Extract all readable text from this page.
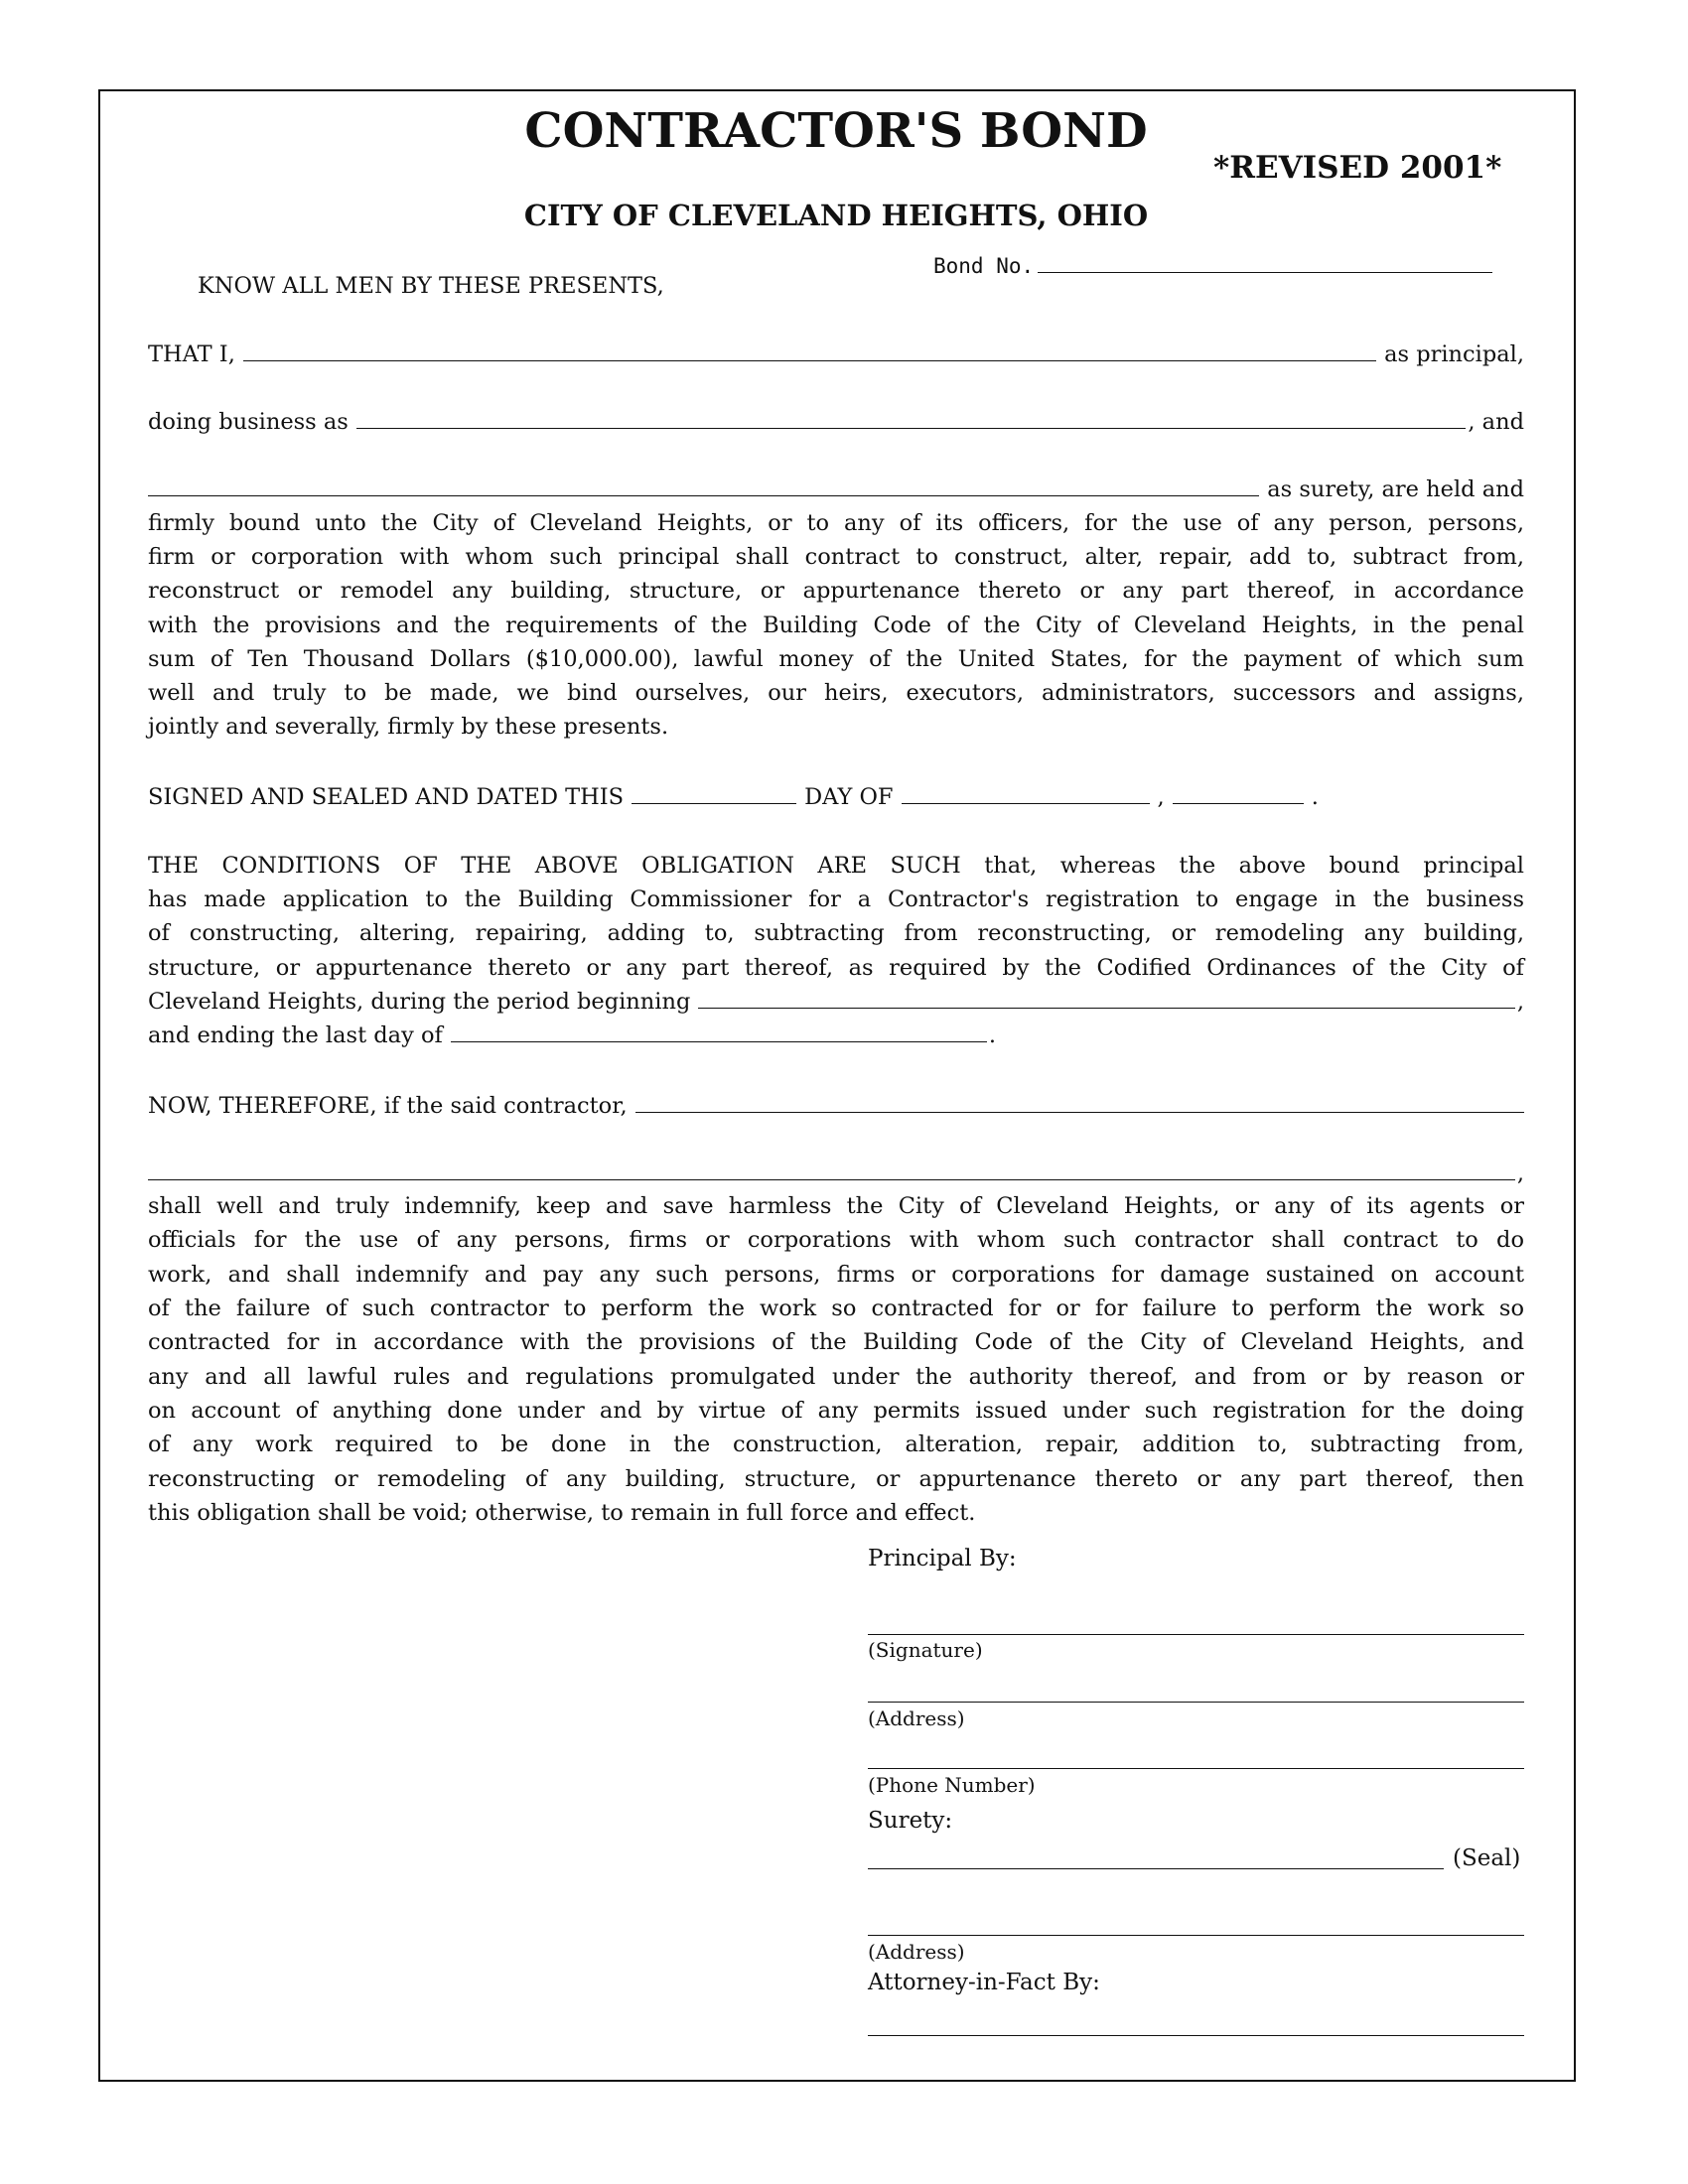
CONTRACTOR'S BOND
*REVISED 2001*
CITY OF CLEVELAND HEIGHTS, OHIO
Bond No.
KNOW ALL MEN BY THESE PRESENTS,
THAT I,	as principal,
doing business as	, and
as surety, are held and
firmly bound unto the City of Cleveland Heights, or to any of its officers, for the use of any person, persons,
firm or corporation with whom such principal shall contract to construct, alter, repair, add to, subtract from,
reconstruct or remodel any building, structure, or appurtenance thereto or any part thereof, in accordance
with the provisions and the requirements of the Building Code of the City of Cleveland Heights, in the penal
sum of Ten Thousand Dollars ($10,000.00), lawful money of the United States, for the payment of which sum
well and truly to be made, we bind ourselves, our heirs, executors, administrators, successors and assigns,
jointly and severally, firmly by these presents.
SIGNED AND SEALED AND DATED THIS	DAY OF	,	.
THE CONDITIONS OF THE ABOVE OBLIGATION ARE SUCH that, whereas the above bound principal
has made application to the Building Commissioner for a Contractor's registration to engage in the business
of constructing, altering, repairing, adding to, subtracting from reconstructing, or remodeling any building,
structure, or appurtenance thereto or any part thereof, as required by the Codified Ordinances of the City of
Cleveland Heights, during the period beginning	,
and ending the last day of	.
NOW, THEREFORE, if the said contractor,
,
shall well and truly indemnify, keep and save harmless the City of Cleveland Heights, or any of its agents or
officials for the use of any persons, firms or corporations with whom such contractor shall contract to do
work, and shall indemnify and pay any such persons, firms or corporations for damage sustained on account
of the failure of such contractor to perform the work so contracted for or for failure to perform the work so
contracted for in accordance with the provisions of the Building Code of the City of Cleveland Heights, and
any and all lawful rules and regulations promulgated under the authority thereof, and from or by reason or
on account of anything done under and by virtue of any permits issued under such registration for the doing
of any work required to be done in the construction, alteration, repair, addition to, subtracting from,
reconstructing or remodeling of any building, structure, or appurtenance thereto or any part thereof, then
this obligation shall be void; otherwise, to remain in full force and effect.
Principal By:
(Signature)
(Address)
(Phone Number)
Surety:
(Seal)
(Address)
Attorney-in-Fact By:
